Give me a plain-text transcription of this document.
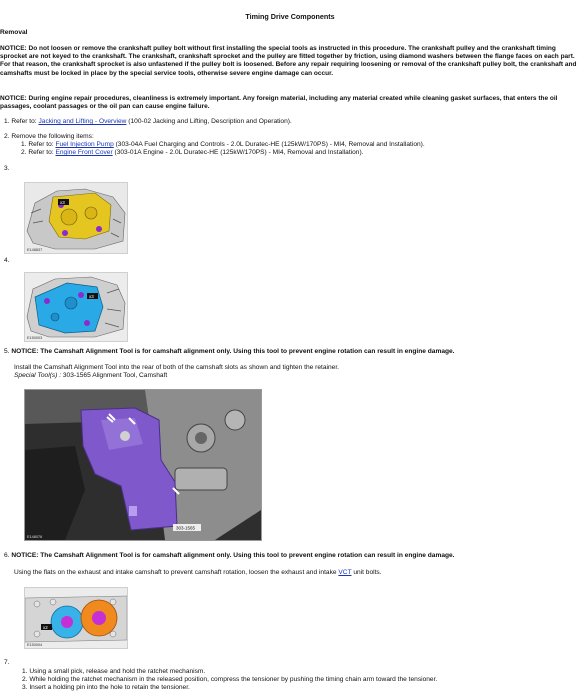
Timing Drive Components
Removal
NOTICE: Do not loosen or remove the crankshaft pulley bolt without first installing the special tools as instructed in this procedure. The crankshaft pulley and the crankshaft timing sprocket are not keyed to the crankshaft. The crankshaft, crankshaft sprocket and the pulley are fitted together by friction, using diamond washers between the flange faces on each part. For that reason, the crankshaft sprocket is also unfastened if the pulley bolt is loosened. Before any repair requiring loosening or removal of the crankshaft pulley bolt, the crankshaft and camshafts must be locked in place by the special service tools, otherwise severe engine damage can occur.
NOTICE: During engine repair procedures, cleanliness is extremely important. Any foreign material, including any material created while cleaning gasket surfaces, that enters the oil passages, coolant passages or the oil pan can cause engine failure.
1. Refer to: Jacking and Lifting - Overview (100-02 Jacking and Lifting, Description and Operation).
2. Remove the following items:
1. Refer to: Fuel Injection Pump (303-04A Fuel Charging and Controls - 2.0L Duratec-HE (125kW/170PS) - MI4, Removal and Installation).
2. Refer to: Engine Front Cover (303-01A Engine - 2.0L Duratec-HE (125kW/170PS) - MI4, Removal and Installation).
3.
x3
E148837
4.
x3
E150003
5. NOTICE: The Camshaft Alignment Tool is for camshaft alignment only. Using this tool to prevent engine rotation can result in engine damage.
Install the Camshaft Alignment Tool into the rear of both of the camshaft slots as shown and tighten the retainer.
Special Tool(s) : 303-1565 Alignment Tool, Camshaft
303-1565
E148076
6. NOTICE: The Camshaft Alignment Tool is for camshaft alignment only. Using this tool to prevent engine rotation can result in engine damage.
Using the flats on the exhaust and intake camshaft to prevent camshaft rotation, loosen the exhaust and intake VCT unit bolts.
x2
E150004
7.
1. Using a small pick, release and hold the ratchet mechanism.
2. While holding the ratchet mechanism in the released position, compress the tensioner by pushing the timing chain arm toward the tensioner.
3. Insert a holding pin into the hole to retain the tensioner.
